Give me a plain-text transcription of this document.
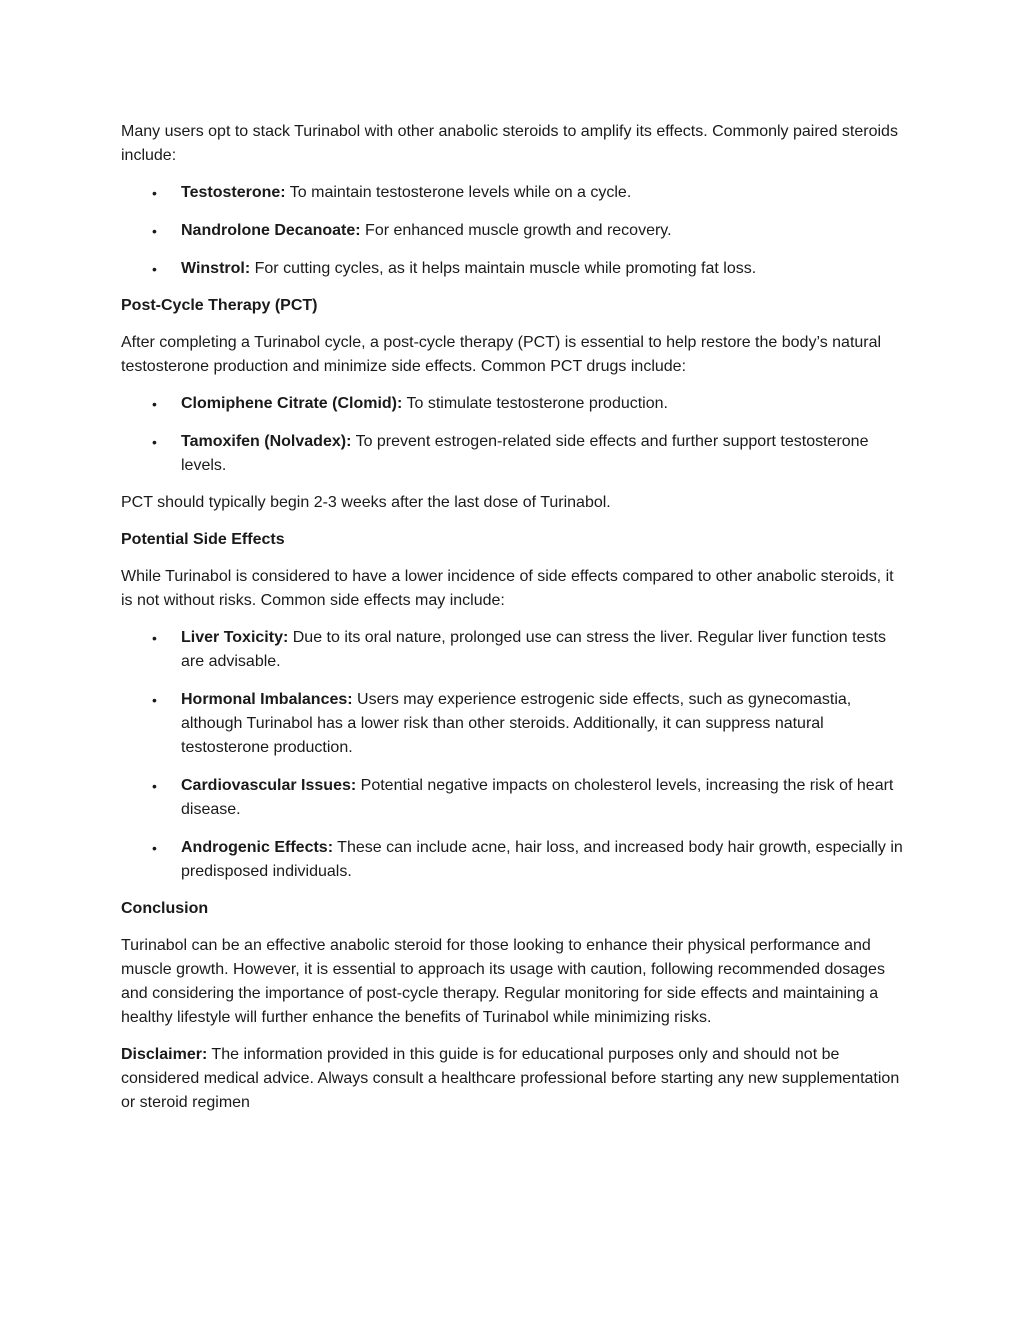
Many users opt to stack Turinabol with other anabolic steroids to amplify its effects. Commonly paired steroids include:

• Testosterone: To maintain testosterone levels while on a cycle.
• Nandrolone Decanoate: For enhanced muscle growth and recovery.
• Winstrol: For cutting cycles, as it helps maintain muscle while promoting fat loss.
Post-Cycle Therapy (PCT)

After completing a Turinabol cycle, a post-cycle therapy (PCT) is essential to help restore the body’s natural testosterone production and minimize side effects. Common PCT drugs include:

• Clomiphene Citrate (Clomid): To stimulate testosterone production.
• Tamoxifen (Nolvadex): To prevent estrogen-related side effects and further support testosterone levels.

PCT should typically begin 2-3 weeks after the last dose of Turinabol.

Potential Side Effects

While Turinabol is considered to have a lower incidence of side effects compared to other anabolic steroids, it is not without risks. Common side effects may include:

• Liver Toxicity: Due to its oral nature, prolonged use can stress the liver. Regular liver function tests are advisable.
• Hormonal Imbalances: Users may experience estrogenic side effects, such as gynecomastia, although Turinabol has a lower risk than other steroids. Additionally, it can suppress natural testosterone production.
• Cardiovascular Issues: Potential negative impacts on cholesterol levels, increasing the risk of heart disease.
• Androgenic Effects: These can include acne, hair loss, and increased body hair growth, especially in predisposed individuals.
Conclusion

Turinabol can be an effective anabolic steroid for those looking to enhance their physical performance and muscle growth. However, it is essential to approach its usage with caution, following recommended dosages and considering the importance of post-cycle therapy. Regular monitoring for side effects and maintaining a healthy lifestyle will further enhance the benefits of Turinabol while minimizing risks.

Disclaimer: The information provided in this guide is for educational purposes only and should not be considered medical advice. Always consult a healthcare professional before starting any new supplementation or steroid regimen
